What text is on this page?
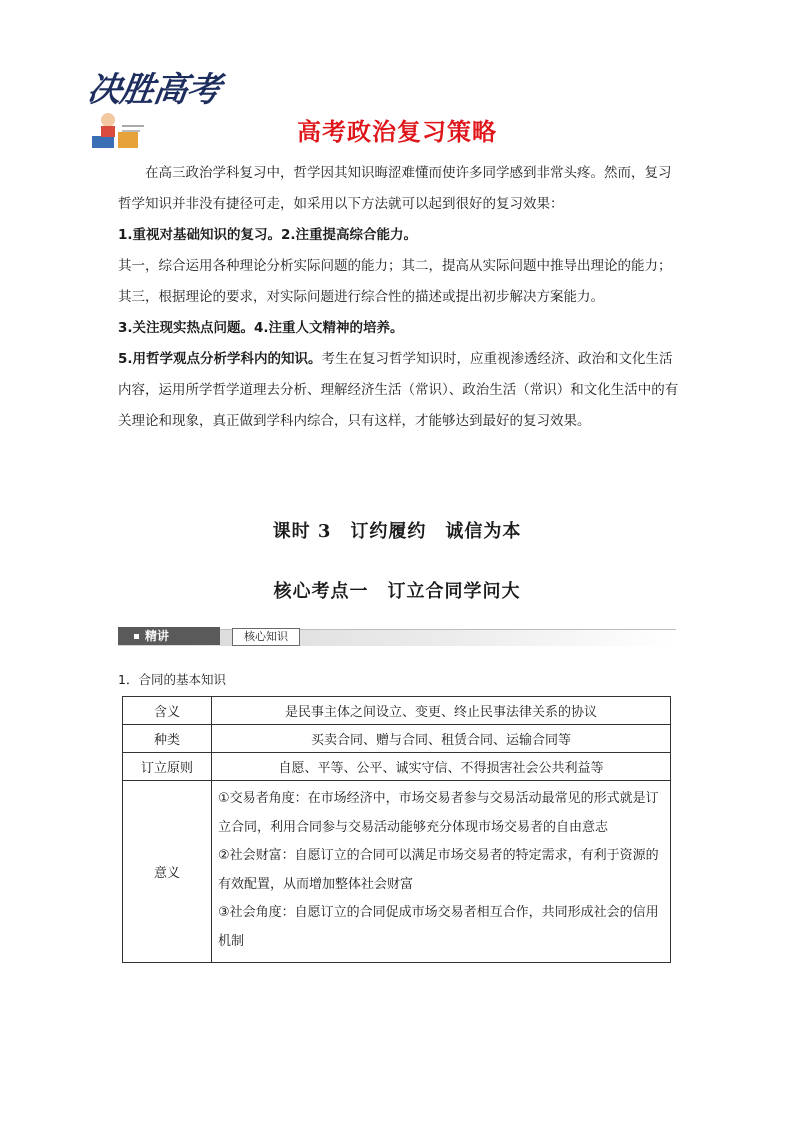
决胜高考
高考政治复习策略

在高三政治学科复习中，哲学因其知识晦涩难懂而使许多同学感到非常头疼。然而，复习哲学知识并非没有捷径可走，如采用以下方法就可以起到很好的复习效果：

1.重视对基础知识的复习。 2.注重提高综合能力。

其一，综合运用各种理论分析实际问题的能力；其二，提高从实际问题中推导出理论的能力；其三，根据理论的要求，对实际问题进行综合性的描述或提出初步解决方案能力。

3.关注现实热点问题。 4.注重人文精神的培养。

5.用哲学观点分析学科内的知识。考生在复习哲学知识时，应重视渗透经济、政治和文化生活内容，运用所学哲学道理去分析、理解经济生活（常识）、政治生活（常识）和文化生活中的有关理论和现象，真正做到学科内综合，只有这样，才能够达到最好的复习效果。

课时 3　订约履约　诚信为本
核心考点一　订立合同学问大
精讲	核心知识
1．合同的基本知识
含义	是民事主体之间设立、变更、终止民事法律关系的协议
种类	买卖合同、赠与合同、租赁合同、运输合同等
订立原则	自愿、平等、公平、诚实守信、不得损害社会公共利益等
意义	①交易者角度：在市场经济中，市场交易者参与交易活动最常见的形式就是订立合同，利用合同参与交易活动能够充分体现市场交易者的自由意志
②社会财富：自愿订立的合同可以满足市场交易者的特定需求，有利于资源的有效配置，从而增加整体社会财富
③社会角度：自愿订立的合同促成市场交易者相互合作，共同形成社会的信用机制
